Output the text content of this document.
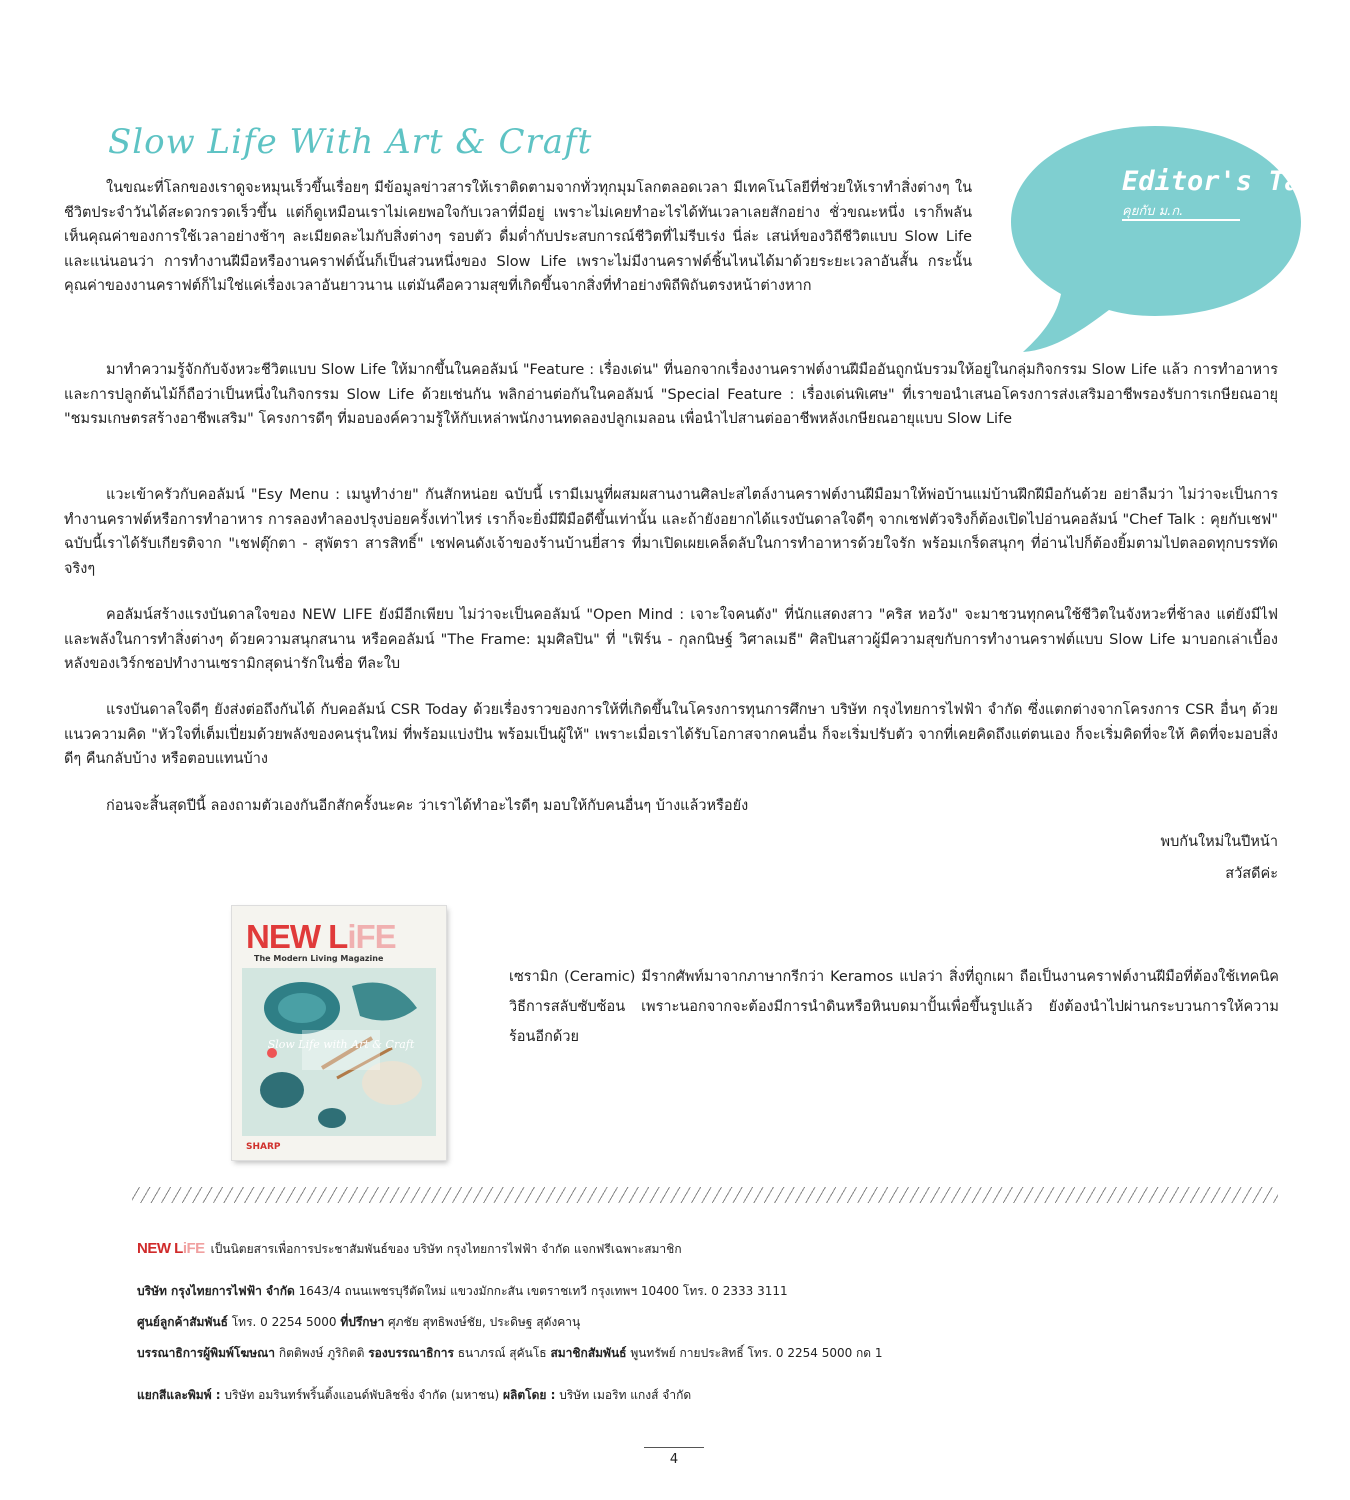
Slow Life With Art & Craft
Editor's Talk
คุยกับ ม.ก.

ในขณะที่โลกของเราดูจะหมุนเร็วขึ้นเรื่อยๆ มีข้อมูลข่าวสารให้เราติดตามจากทั่วทุกมุมโลกตลอดเวลา มีเทคโนโลยีที่ช่วยให้เราทำสิ่งต่างๆ ในชีวิตประจำวันได้สะดวกรวดเร็วขึ้น แต่ก็ดูเหมือนเราไม่เคยพอใจกับเวลาที่มีอยู่ เพราะไม่เคยทำอะไรได้ทันเวลาเลยสักอย่าง ชั่วขณะหนึ่ง เราก็พลันเห็นคุณค่าของการใช้เวลาอย่างช้าๆ ละเมียดละไมกับสิ่งต่างๆ รอบตัว ดื่มด่ำกับประสบการณ์ชีวิตที่ไม่รีบเร่ง นี่ล่ะ เสน่ห์ของวิถีชีวิตแบบ Slow Life และแน่นอนว่า การทำงานฝีมือหรืองานคราฟต์นั้นก็เป็นส่วนหนึ่งของ Slow Life เพราะไม่มีงานคราฟต์ชิ้นไหนได้มาด้วยระยะเวลาอันสั้น กระนั้น คุณค่าของงานคราฟต์ก็ไม่ใช่แค่เรื่องเวลาอันยาวนาน แต่มันคือความสุขที่เกิดขึ้นจากสิ่งที่ทำอย่างพิถีพิถันตรงหน้าต่างหาก

มาทำความรู้จักกับจังหวะชีวิตแบบ Slow Life ให้มากขึ้นในคอลัมน์ "Feature : เรื่องเด่น" ที่นอกจากเรื่องงานคราฟต์งานฝีมืออันถูกนับรวมให้อยู่ในกลุ่มกิจกรรม Slow Life แล้ว การทำอาหารและการปลูกต้นไม้ก็ถือว่าเป็นหนึ่งในกิจกรรม Slow Life ด้วยเช่นกัน พลิกอ่านต่อกันในคอลัมน์ "Special Feature : เรื่องเด่นพิเศษ" ที่เราขอนำเสนอโครงการส่งเสริมอาชีพรองรับการเกษียณอายุ "ชมรมเกษตรสร้างอาชีพเสริม" โครงการดีๆ ที่มอบองค์ความรู้ให้กับเหล่าพนักงานทดลองปลูกเมลอน เพื่อนำไปสานต่ออาชีพหลังเกษียณอายุแบบ Slow Life

แวะเข้าครัวกับคอลัมน์ "Esy Menu : เมนูทำง่าย" กันสักหน่อย ฉบับนี้ เรามีเมนูที่ผสมผสานงานศิลปะสไตล์งานคราฟต์งานฝีมือมาให้พ่อบ้านแม่บ้านฝึกฝีมือกันด้วย อย่าลืมว่า ไม่ว่าจะเป็นการทำงานคราฟต์หรือการทำอาหาร การลองทำลองปรุงบ่อยครั้งเท่าไหร่ เราก็จะยิ่งมีฝีมือดีขึ้นเท่านั้น และถ้ายังอยากได้แรงบันดาลใจดีๆ จากเชฟตัวจริงก็ต้องเปิดไปอ่านคอลัมน์ "Chef Talk : คุยกับเชฟ" ฉบับนี้เราได้รับเกียรติจาก "เชฟตุ๊กตา - สุพัตรา สารสิทธิ์" เชฟคนดังเจ้าของร้านบ้านยี่สาร ที่มาเปิดเผยเคล็ดลับในการทำอาหารด้วยใจรัก พร้อมเกร็ดสนุกๆ ที่อ่านไปก็ต้องยิ้มตามไปตลอดทุกบรรทัดจริงๆ

คอลัมน์สร้างแรงบันดาลใจของ NEW LIFE ยังมีอีกเพียบ ไม่ว่าจะเป็นคอลัมน์ "Open Mind : เจาะใจคนดัง" ที่นักแสดงสาว "คริส หอวัง" จะมาชวนทุกคนใช้ชีวิตในจังหวะที่ช้าลง แต่ยังมีไฟและพลังในการทำสิ่งต่างๆ ด้วยความสนุกสนาน หรือคอลัมน์ "The Frame: มุมศิลปิน" ที่ "เฟิร์น - กุลกนิษฐ์ วิศาลเมธี" ศิลปินสาวผู้มีความสุขกับการทำงานคราฟต์แบบ Slow Life มาบอกเล่าเบื้องหลังของเวิร์กชอปทำงานเซรามิกสุดน่ารักในชื่อ ทีละใบ

แรงบันดาลใจดีๆ ยังส่งต่อถึงกันได้ กับคอลัมน์ CSR Today ด้วยเรื่องราวของการให้ที่เกิดขึ้นในโครงการทุนการศึกษา บริษัท กรุงไทยการไฟฟ้า จำกัด ซึ่งแตกต่างจากโครงการ CSR อื่นๆ ด้วยแนวความคิด "หัวใจที่เต็มเปี่ยมด้วยพลังของคนรุ่นใหม่ ที่พร้อมแบ่งปัน พร้อมเป็นผู้ให้" เพราะเมื่อเราได้รับโอกาสจากคนอื่น ก็จะเริ่มปรับตัว จากที่เคยคิดถึงแต่ตนเอง ก็จะเริ่มคิดที่จะให้ คิดที่จะมอบสิ่งดีๆ คืนกลับบ้าง หรือตอบแทนบ้าง

ก่อนจะสิ้นสุดปีนี้ ลองถามตัวเองกันอีกสักครั้งนะคะ ว่าเราได้ทำอะไรดีๆ มอบให้กับคนอื่นๆ บ้างแล้วหรือยัง

พบกันใหม่ในปีหน้า
สวัสดีค่ะ
NEW LiFE
The Modern Living Magazine
Slow Life with Art & Craft
SHARP

เซรามิก (Ceramic) มีรากศัพท์มาจากภาษากรีกว่า Keramos แปลว่า สิ่งที่ถูกเผา ถือเป็นงานคราฟต์งานฝีมือที่ต้องใช้เทคนิควิธีการสลับซับซ้อน เพราะนอกจากจะต้องมีการนำดินหรือหินบดมาปั้นเพื่อขึ้นรูปแล้ว ยังต้องนำไปผ่านกระบวนการให้ความร้อนอีกด้วย

NEW LiFE เป็นนิตยสารเพื่อการประชาสัมพันธ์ของ บริษัท กรุงไทยการไฟฟ้า จำกัด แจกฟรีเฉพาะสมาชิก
บริษัท กรุงไทยการไฟฟ้า จำกัด 1643/4 ถนนเพชรบุรีตัดใหม่ แขวงมักกะสัน เขตราชเทวี กรุงเทพฯ 10400 โทร. 0 2333 3111
ศูนย์ลูกค้าสัมพันธ์ โทร. 0 2254 5000 ที่ปรึกษา ศุภชัย สุทธิพงษ์ชัย, ประดิษฐ สุดังคานุ
บรรณาธิการผู้พิมพ์โฆษณา กิตติพงษ์ ภูริกิตติ รองบรรณาธิการ ธนาภรณ์ สุคันโธ สมาชิกสัมพันธ์ พูนทรัพย์ กายประสิทธิ์ โทร. 0 2254 5000 กด 1
แยกสีและพิมพ์ : บริษัท อมรินทร์พริ้นติ้งแอนด์พับลิชชิ่ง จำกัด (มหาชน) ผลิตโดย : บริษัท เมอริท แกงส์ จำกัด
4
